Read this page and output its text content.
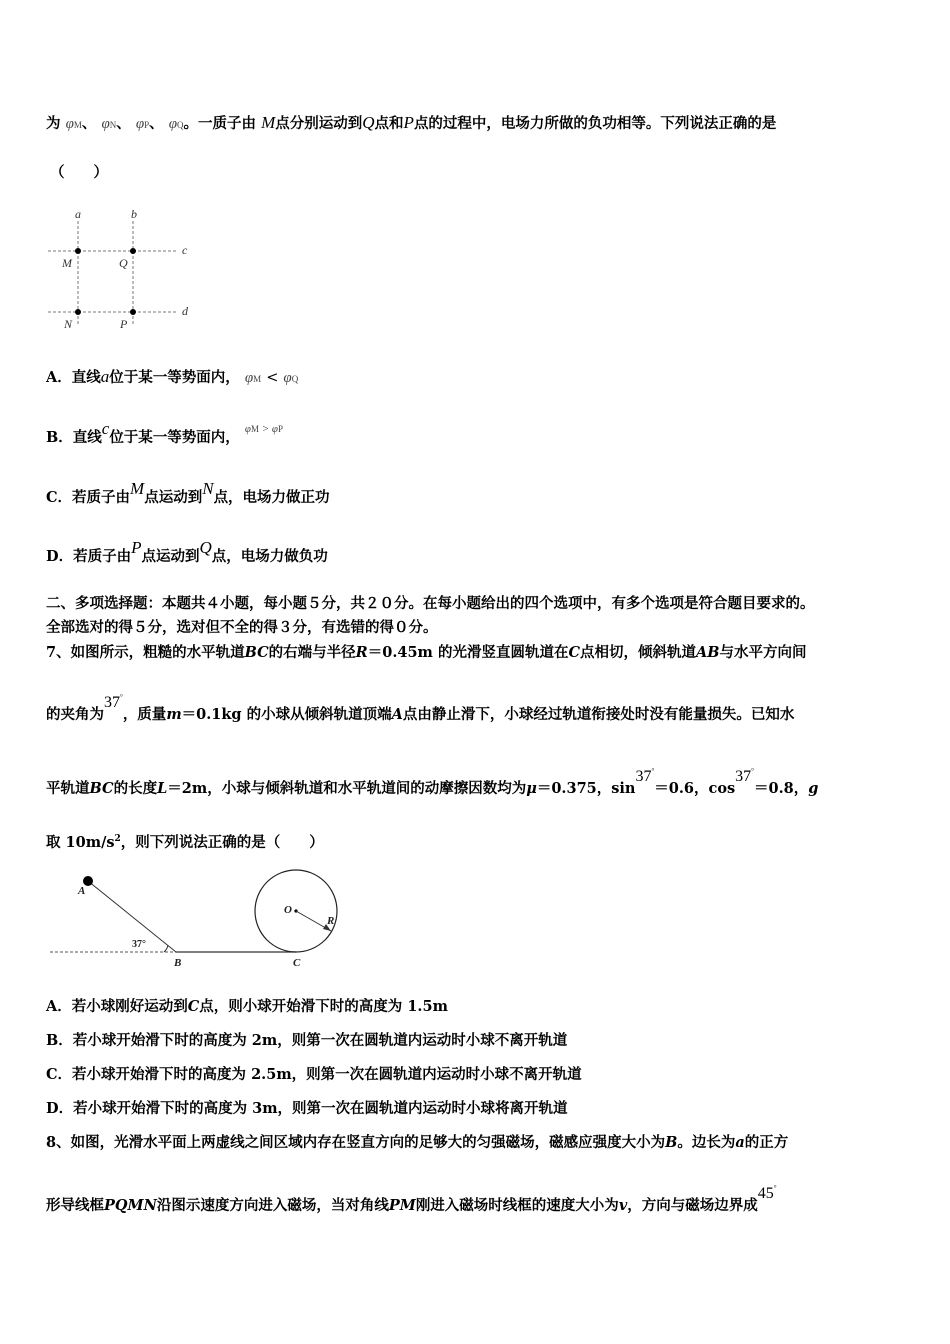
为 φM、 φN、 φP、 φQ。一质子由 M点分别运动到Q点和P点的过程中，电场力所做的负功相等。下列说法正确的是
（　　）
a	b
c
d
M	Q
N	P
A．直线a位于某一等势面内， φM < φQ
B．直线c位于某一等势面内， $^{\varphi M > \varphi P}$
C．若质子由M点运动到N点，电场力做正功
D．若质子由P点运动到Q点，电场力做负功
二、多项选择题：本题共４小题，每小题５分，共２０分。在每小题给出的四个选项中，有多个选项是符合题目要求的。
全部选对的得５分，选对但不全的得３分，有选错的得０分。
7、如图所示，粗糙的水平轨道BC的右端与半径R＝0.45m 的光滑竖直圆轨道在C点相切，倾斜轨道AB与水平方向间
的夹角为37°，质量m＝0.1kg 的小球从倾斜轨道顶端A点由静止滑下，小球经过轨道衔接处时没有能量损失。已知水
平轨道BC的长度L＝2m，小球与倾斜轨道和水平轨道间的动摩擦因数均为μ＝0.375，sin37°＝0.6，cos37°＝0.8，g
取 $10m/s^2$，则下列说法正确的是（　　）
A
B	C
O
R
37°
A．若小球刚好运动到C点，则小球开始滑下时的高度为 1.5m
B．若小球开始滑下时的高度为 2m，则第一次在圆轨道内运动时小球不离开轨道
C．若小球开始滑下时的高度为 2.5m，则第一次在圆轨道内运动时小球不离开轨道
D．若小球开始滑下时的高度为 3m，则第一次在圆轨道内运动时小球将离开轨道
8、如图，光滑水平面上两虚线之间区域内存在竖直方向的足够大的匀强磁场，磁感应强度大小为B。边长为a的正方
形导线框PQMN沿图示速度方向进入磁场，当对角线PM刚进入磁场时线框的速度大小为v，方向与磁场边界成45°
